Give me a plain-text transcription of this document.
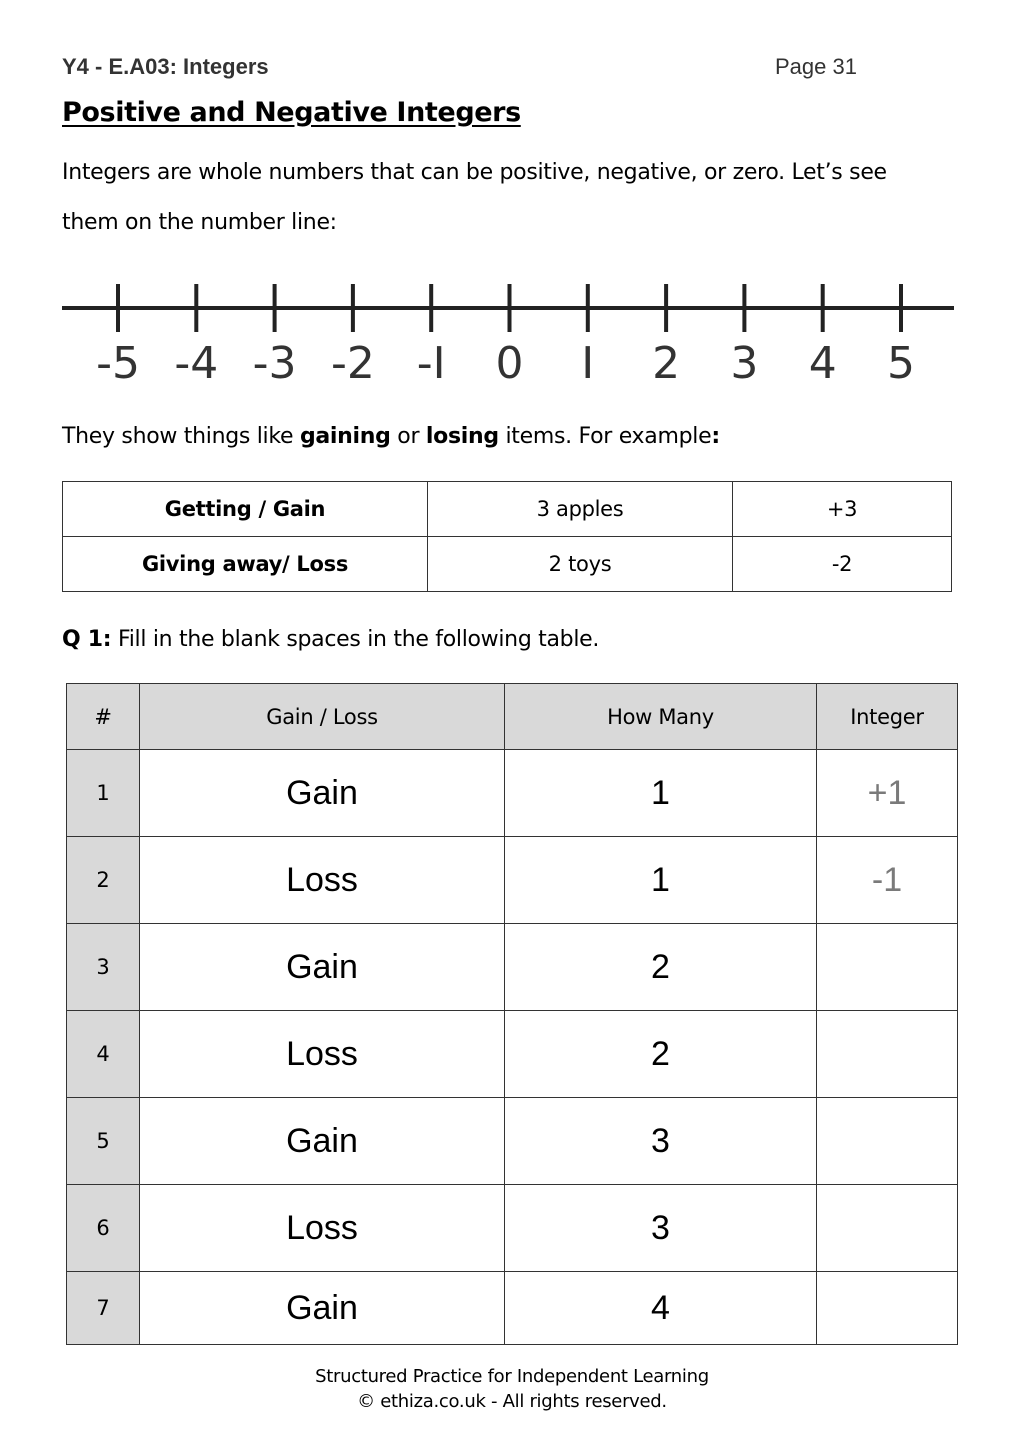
Y4 - E.A03: Integers	Page 31
Positive and Negative Integers
Integers are whole numbers that can be positive, negative, or zero. Let’s see
them on the number line:
-5 -4 -3 -2 -I 0 I 2 3 4 5
They show things like gaining or losing items. For example:
Getting / Gain	3 apples	+3
Giving away/ Loss	2 toys	-2
Q 1: Fill in the blank spaces in the following table.
#	Gain / Loss	How Many	Integer
1	Gain	1	+1
2	Loss	1	-1
3	Gain	2	
4	Loss	2	
5	Gain	3	
6	Loss	3	
7	Gain	4	
Structured Practice for Independent Learning
© ethiza.co.uk - All rights reserved.
